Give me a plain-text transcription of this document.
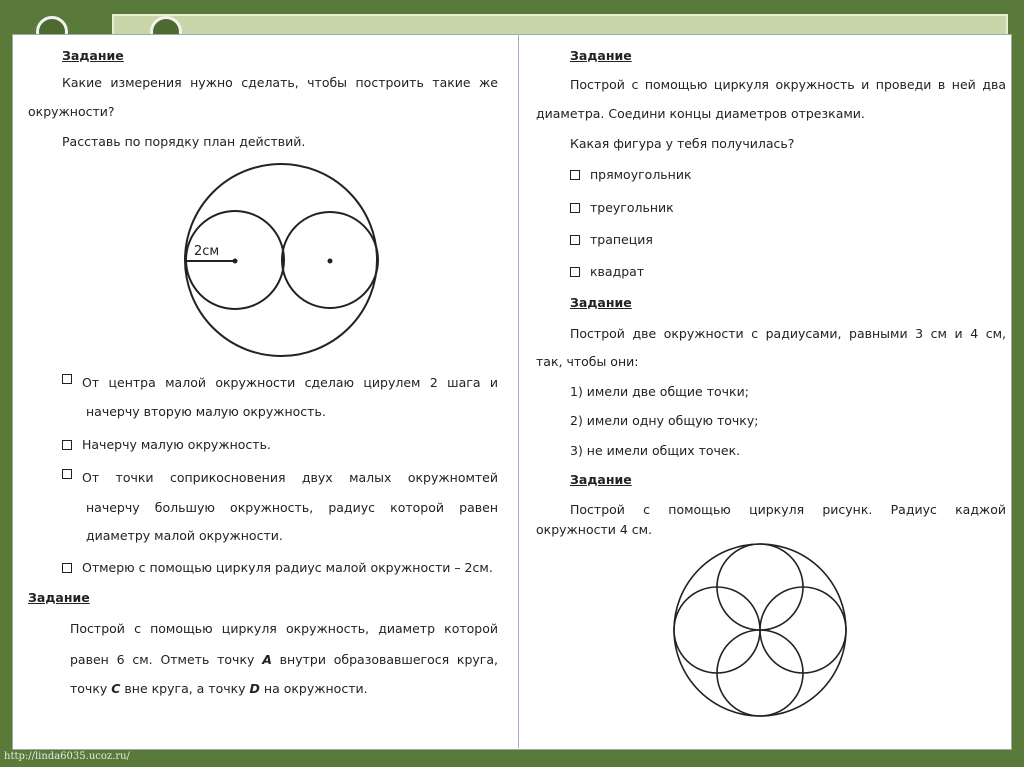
Задание
Какие измерения нужно сделать, чтобы построить такие же
окружности?
Расставь по порядку план действий.
2см
От центра малой окружности сделаю цирулем 2 шага и
начерчу вторую малую окружность.
Начерчу малую окружность.
От точки соприкосновения двух малых окружномтей
начерчу большую окружность, радиус которой равен
диаметру малой окружности.
Отмерю с помощью циркуля радиус малой окружности – 2см.
Задание
Построй с помощью циркуля окружность, диаметр которой
равен 6 см. Отметь точку A внутри образовавшегося круга,
точку C вне круга, а точку D на окружности.
Задание
Построй с помощью циркуля окружность и проведи в ней два
диаметра. Соедини концы диаметров отрезками.
Какая фигура у тебя получилась?
прямоугольник
треугольник
трапеция
квадрат
Задание
Построй две окружности с радиусами, равными 3 см и 4 см,
так, чтобы они:
1) имели две общие точки;
2) имели одну общую точку;
3) не имели общих точек.
Задание
Построй с помощью циркуля рисунк. Радиус каджой
окружности 4 см.
http://linda6035.ucoz.ru/
